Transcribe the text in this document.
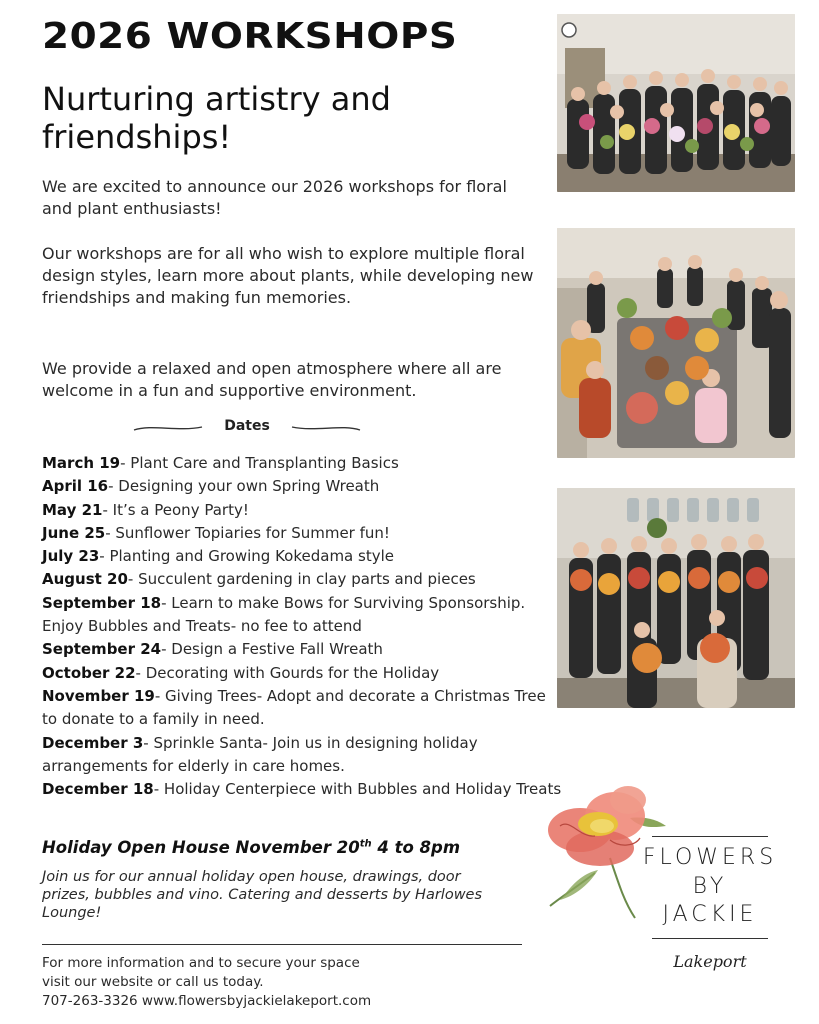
2026 WORKSHOPS
Nurturing artistry and friendships!

We are excited to announce our 2026 workshops for floral and plant enthusiasts!

Our workshops are for all who wish to explore multiple floral design styles, learn more about plants, while developing new friendships and making fun memories.

We provide a relaxed and open atmosphere where all are welcome in a fun and supportive environment.

Dates
March 19- Plant Care and Transplanting Basics
April 16- Designing your own Spring Wreath
May 21- It’s a Peony Party!
June 25- Sunflower Topiaries for Summer fun!
July 23- Planting and Growing Kokedama style
August 20- Succulent gardening in clay parts and pieces
September 18- Learn to make Bows for Surviving Sponsorship. Enjoy Bubbles and Treats- no fee to attend
September 24- Design a Festive Fall Wreath
October 22- Decorating with Gourds for the Holiday
November 19- Giving Trees- Adopt and decorate a Christmas Tree to donate to a family in need.
December 3- Sprinkle Santa- Join us in designing holiday arrangements for elderly in care homes.
December 18- Holiday Centerpiece with Bubbles and Holiday Treats

Holiday Open House November 20th 4 to 8pm

Join us for our annual holiday open house, drawings, door prizes, bubbles and vino. Catering and desserts by Harlowes Lounge!

For more information and to secure your space
visit our website or call us today.
707-263-3326 www.flowersbyjackielakeport.com
FLOWERS
BY
JACKIE
Lakeport
